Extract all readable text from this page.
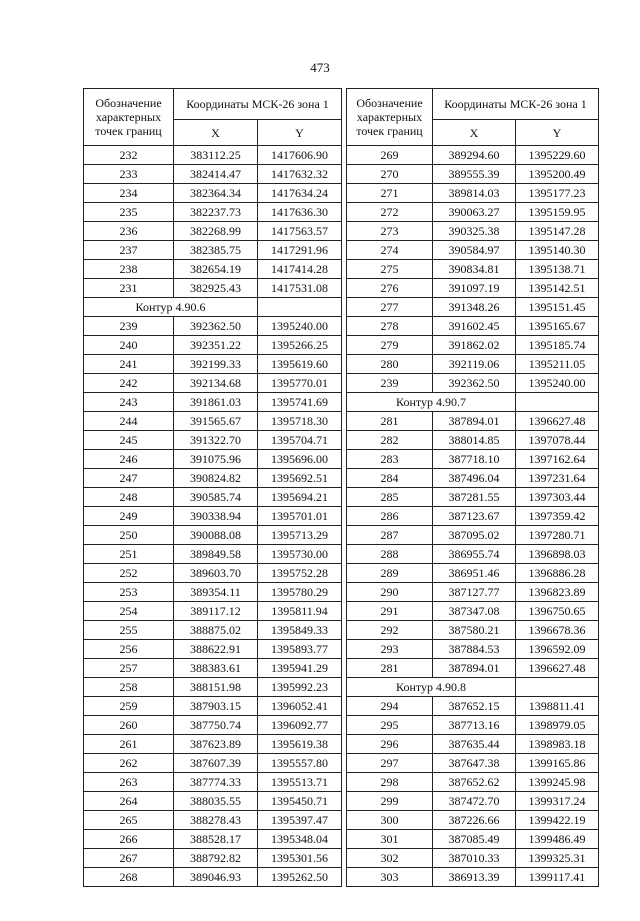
473
Обозначение характерных точек границ	Координаты МСК-26 зона 1	
	X	Y
232	383112.25	1417606.90
233	382414.47	1417632.32
234	382364.34	1417634.24
235	382237.73	1417636.30
236	382268.99	1417563.57
237	382385.75	1417291.96
238	382654.19	1417414.28
231	382925.43	1417531.08
Контур 4.90.6		
239	392362.50	1395240.00
240	392351.22	1395266.25
241	392199.33	1395619.60
242	392134.68	1395770.01
243	391861.03	1395741.69
244	391565.67	1395718.30
245	391322.70	1395704.71
246	391075.96	1395696.00
247	390824.82	1395692.51
248	390585.74	1395694.21
249	390338.94	1395701.01
250	390088.08	1395713.29
251	389849.58	1395730.00
252	389603.70	1395752.28
253	389354.11	1395780.29
254	389117.12	1395811.94
255	388875.02	1395849.33
256	388622.91	1395893.77
257	388383.61	1395941.29
258	388151.98	1395992.23
259	387903.15	1396052.41
260	387750.74	1396092.77
261	387623.89	1395619.38
262	387607.39	1395557.80
263	387774.33	1395513.71
264	388035.55	1395450.71
265	388278.43	1395397.47
266	388528.17	1395348.04
267	388792.82	1395301.56
268	389046.93	1395262.50
Обозначение характерных точек границ	Координаты МСК-26 зона 1	
	X	Y
269	389294.60	1395229.60
270	389555.39	1395200.49
271	389814.03	1395177.23
272	390063.27	1395159.95
273	390325.38	1395147.28
274	390584.97	1395140.30
275	390834.81	1395138.71
276	391097.19	1395142.51
277	391348.26	1395151.45
278	391602.45	1395165.67
279	391862.02	1395185.74
280	392119.06	1395211.05
239	392362.50	1395240.00
Контур 4.90.7		
281	387894.01	1396627.48
282	388014.85	1397078.44
283	387718.10	1397162.64
284	387496.04	1397231.64
285	387281.55	1397303.44
286	387123.67	1397359.42
287	387095.02	1397280.71
288	386955.74	1396898.03
289	386951.46	1396886.28
290	387127.77	1396823.89
291	387347.08	1396750.65
292	387580.21	1396678.36
293	387884.53	1396592.09
281	387894.01	1396627.48
Контур 4.90.8		
294	387652.15	1398811.41
295	387713.16	1398979.05
296	387635.44	1398983.18
297	387647.38	1399165.86
298	387652.62	1399245.98
299	387472.70	1399317.24
300	387226.66	1399422.19
301	387085.49	1399486.49
302	387010.33	1399325.31
303	386913.39	1399117.41
